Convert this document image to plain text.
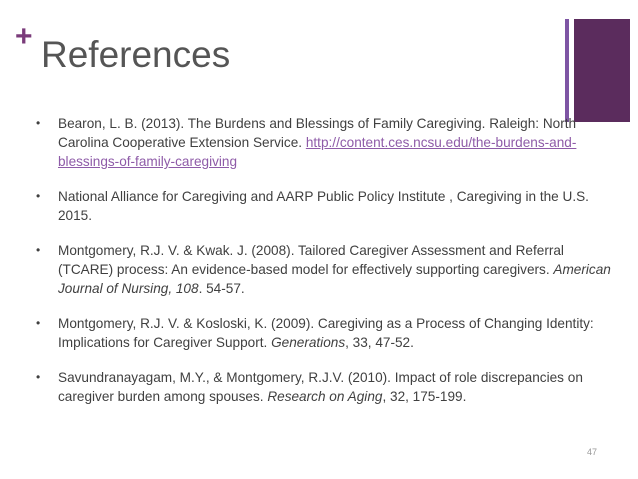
+ References
• Bearon, L. B. (2013). The Burdens and Blessings of Family Caregiving. Raleigh: North Carolina Cooperative Extension Service. http://content.ces.ncsu.edu/the-burdens-and-blessings-of-family-caregiving
• National Alliance for Caregiving and AARP Public Policy Institute , Caregiving in the U.S. 2015.
• Montgomery, R.J. V. & Kwak. J. (2008). Tailored Caregiver Assessment and Referral (TCARE) process: An evidence-based model for effectively supporting caregivers. American Journal of Nursing, 108. 54-57.
• Montgomery, R.J. V. & Kosloski, K. (2009). Caregiving as a Process of Changing Identity: Implications for Caregiver Support. Generations, 33, 47-52.
• Savundranayagam, M.Y., & Montgomery, R.J.V. (2010). Impact of role discrepancies on caregiver burden among spouses. Research on Aging, 32, 175-199.
47
